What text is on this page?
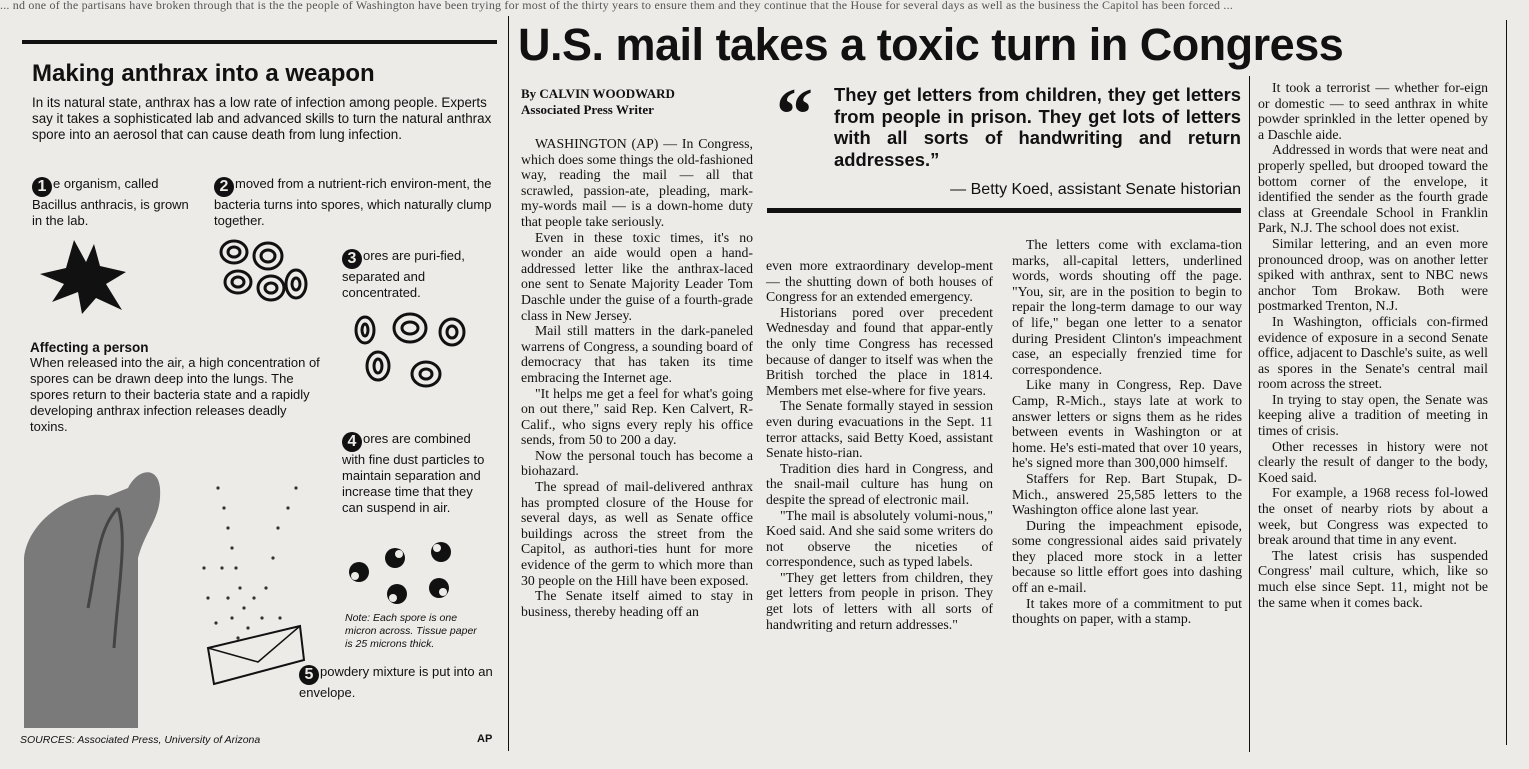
... nd one of the partisans have broken through that is the the people of Washington have been trying for most of the thirty years to ensure them and they continue that the House for several days as well as the business the Capitol has been forced ...
U.S. mail takes a toxic turn in Congress
Making anthrax into a weapon
In its natural state, anthrax has a low rate of infection among people. Experts say it takes a sophisticated lab and advanced skills to turn the natural anthrax spore into an aerosol that can cause death from lung infection.
1 e organism, called Bacillus anthracis, is grown in the lab.
2 moved from a nutrient-rich environ-ment, the bacteria turns into spores, which naturally clump together.
3 ores are puri-fied, separated and concentrated.
4 ores are combined with fine dust particles to maintain separation and increase time that they can suspend in air.
5 powdery mixture is put into an envelope.
Affecting a person
When released into the air, a high concentration of spores can be drawn deep into the lungs. The spores return to their bacteria state and a rapidly developing anthrax infection releases deadly toxins.
Note: Each spore is one micron across. Tissue paper is 25 microns thick.
SOURCES: Associated Press, University of Arizona	AP
By CALVIN WOODWARD
Associated Press Writer	“ They get letters from children, they get letters from people in prison. They get lots of letters with all sorts of handwriting and return addresses.”
— Betty Koed, assistant Senate historian

WASHINGTON (AP) — In Congress, which does some things the old-fashioned way, reading the mail — all that scrawled, passion-ate, pleading, mark-my-words mail — is a down-home duty that people take seriously.

Even in these toxic times, it's no wonder an aide would open a hand-addressed letter like the anthrax-laced one sent to Senate Majority Leader Tom Daschle under the guise of a fourth-grade class in New Jersey.

Mail still matters in the dark-paneled warrens of Congress, a sounding board of democracy that has taken its time embracing the Internet age.

"It helps me get a feel for what's going on out there," said Rep. Ken Calvert, R-Calif., who signs every reply his office sends, from 50 to 200 a day.

Now the personal touch has become a biohazard.

The spread of mail-delivered anthrax has prompted closure of the House for several days, as well as Senate office buildings across the street from the Capitol, as authori-ties hunt for more evidence of the germ to which more than 30 people on the Hill have been exposed.

The Senate itself aimed to stay in business, thereby heading off an

even more extraordinary develop-ment — the shutting down of both houses of Congress for an extended emergency.

Historians pored over precedent Wednesday and found that appar-ently the only time Congress has recessed because of danger to itself was when the British torched the place in 1814. Members met else-where for five years.

The Senate formally stayed in session even during evacuations in the Sept. 11 terror attacks, said Betty Koed, assistant Senate histo-rian.

Tradition dies hard in Congress, and the snail-mail culture has hung on despite the spread of electronic mail.

"The mail is absolutely volumi-nous," Koed said. And she said some writers do not observe the niceties of correspondence, such as typed labels.

"They get letters from children, they get letters from people in prison. They get lots of letters with all sorts of handwriting and return addresses."

The letters come with exclama-tion marks, all-capital letters, underlined words, words shouting off the page. "You, sir, are in the position to begin to repair the long-term damage to our way of life," began one letter to a senator during President Clinton's impeachment case, an especially frenzied time for correspondence.

Like many in Congress, Rep. Dave Camp, R-Mich., stays late at work to answer letters or signs them as he rides between events in Washington or at home. He's esti-mated that over 10 years, he's signed more than 300,000 himself.

Staffers for Rep. Bart Stupak, D-Mich., answered 25,585 letters to the Washington office alone last year.

During the impeachment episode, some congressional aides said privately they placed more stock in a letter because so little effort goes into dashing off an e-mail.

It takes more of a commitment to put thoughts on paper, with a stamp.

It took a terrorist — whether for-eign or domestic — to seed anthrax in white powder sprinkled in the letter opened by a Daschle aide.

Addressed in words that were neat and properly spelled, but drooped toward the bottom corner of the envelope, it identified the sender as the fourth grade class at Greendale School in Franklin Park, N.J. The school does not exist.

Similar lettering, and an even more pronounced droop, was on another letter spiked with anthrax, sent to NBC news anchor Tom Brokaw. Both were postmarked Trenton, N.J.

In Washington, officials con-firmed evidence of exposure in a second Senate office, adjacent to Daschle's suite, as well as spores in the Senate's central mail room across the street.

In trying to stay open, the Senate was keeping alive a tradition of meeting in times of crisis.

Other recesses in history were not clearly the result of danger to the body, Koed said.

For example, a 1968 recess fol-lowed the onset of nearby riots by about a week, but Congress was expected to break around that time in any event.

The latest crisis has suspended Congress' mail culture, which, like so much else since Sept. 11, might not be the same when it comes back.
